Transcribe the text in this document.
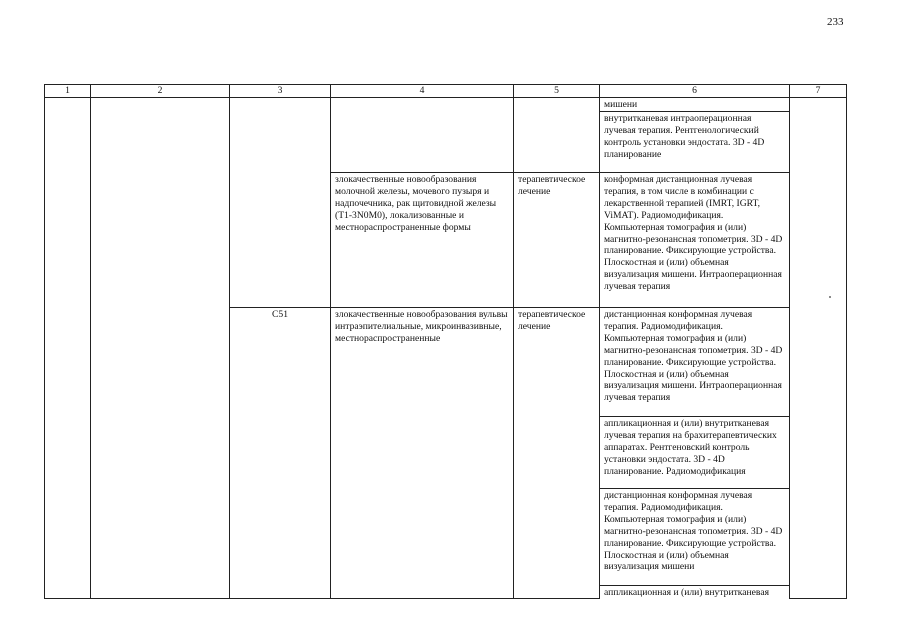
233
1	2	3	4	5	6	7
					мишени	
					внутритканевая интраоперационная лучевая терапия. Рентгенологический контроль установки эндостата. 3D - 4D планирование	
			злокачественные новообразования молочной железы, мочевого пузыря и надпочечника, рак щитовидной железы (T1-3N0M0), локализованные и местнораспространенные формы	терапевтическое лечение	конформная дистанционная лучевая терапия, в том числе в комбинации с лекарственной терапией (IMRT, IGRT, ViMAT). Радиомодификация. Компьютерная томография и (или) магнитно-резонансная топометрия. 3D - 4D планирование. Фиксирующие устройства. Плоскостная и (или) объемная визуализация мишени. Интраоперационная лучевая терапия	
		C51	злокачественные новообразования вульвы интраэпителиальные, микроинвазивные, местнораспространенные	терапевтическое лечение	дистанционная конформная лучевая терапия. Радиомодификация. Компьютерная томография и (или) магнитно-резонансная топометрия. 3D - 4D планирование. Фиксирующие устройства. Плоскостная и (или) объемная визуализация мишени. Интраоперационная лучевая терапия	
					аппликационная и (или) внутритканевая лучевая терапия на брахитерапевтических аппаратах. Рентгеновский контроль установки эндостата. 3D - 4D планирование. Радиомодификация	
					дистанционная конформная лучевая терапия. Радиомодификация. Компьютерная томография и (или) магнитно-резонансная топометрия. 3D - 4D планирование. Фиксирующие устройства. Плоскостная и (или) объемная визуализация мишени	
					аппликационная и (или) внутритканевая	
